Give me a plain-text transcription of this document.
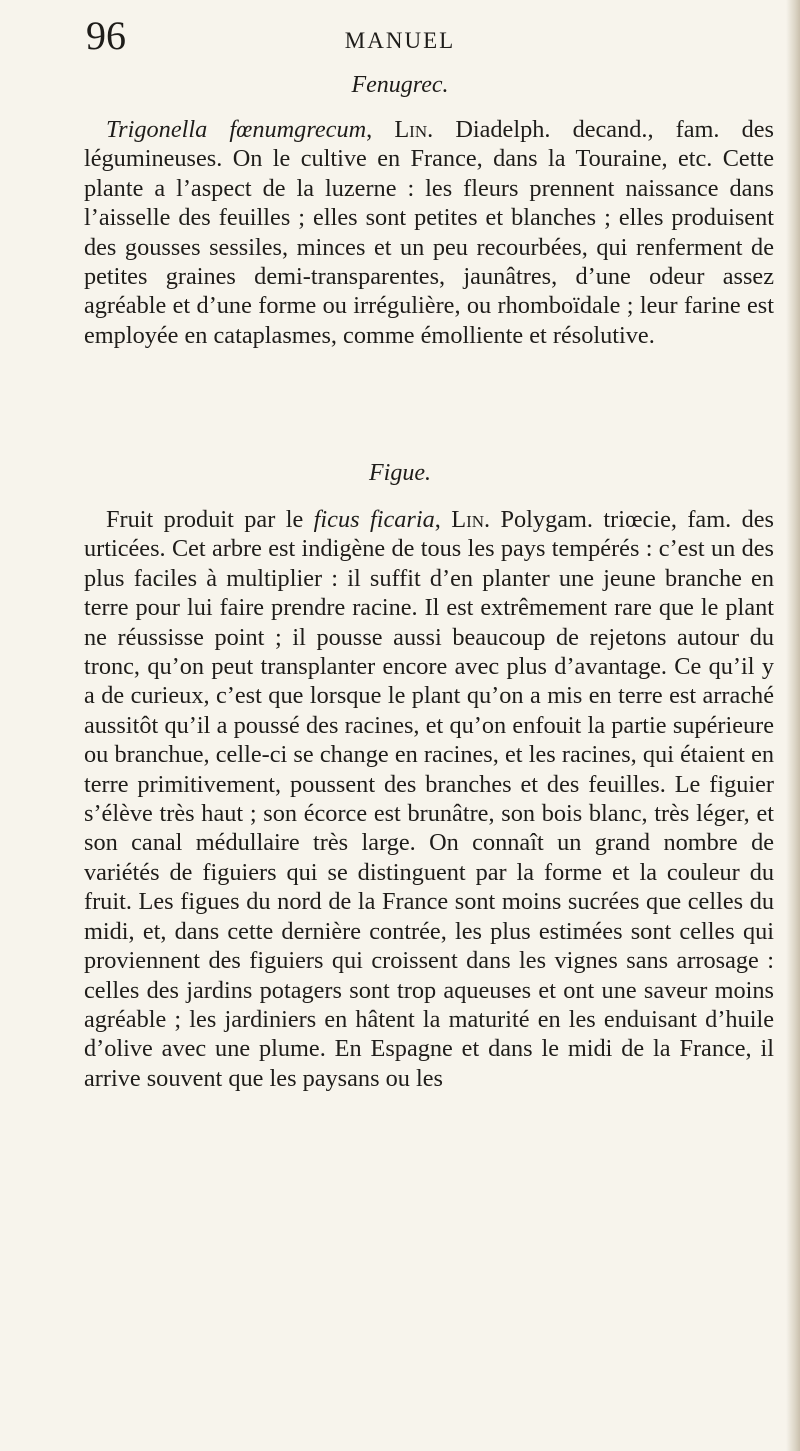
96	MANUEL
Fenugrec.

Trigonella fœnumgrecum, Lin. Diadelph. decand., fam. des légumineuses. On le cultive en France, dans la Touraine, etc. Cette plante a l’aspect de la luzerne : les fleurs prennent naissance dans l’aisselle des feuilles ; elles sont petites et blanches ; elles produisent des gousses sessiles, minces et un peu recourbées, qui renferment de petites graines demi-transparentes, jaunâtres, d’une odeur assez agréable et d’une forme ou irrégulière, ou rhomboïdale ; leur farine est employée en cataplasmes, comme émolliente et résolutive.

Figue.

Fruit produit par le ficus ficaria, Lin. Polygam. triœcie, fam. des urticées. Cet arbre est indigène de tous les pays tempérés : c’est un des plus faciles à multiplier : il suffit d’en planter une jeune branche en terre pour lui faire prendre racine. Il est extrêmement rare que le plant ne réussisse point ; il pousse aussi beaucoup de rejetons autour du tronc, qu’on peut transplanter encore avec plus d’avantage. Ce qu’il y a de curieux, c’est que lorsque le plant qu’on a mis en terre est arraché aussitôt qu’il a poussé des racines, et qu’on enfouit la partie supérieure ou branchue, celle-ci se change en racines, et les racines, qui étaient en terre primitivement, poussent des branches et des feuilles. Le figuier s’élève très haut ; son écorce est brunâtre, son bois blanc, très léger, et son canal médullaire très large. On connaît un grand nombre de variétés de figuiers qui se distinguent par la forme et la couleur du fruit. Les figues du nord de la France sont moins sucrées que celles du midi, et, dans cette dernière contrée, les plus estimées sont celles qui proviennent des figuiers qui croissent dans les vignes sans arrosage : celles des jardins potagers sont trop aqueuses et ont une saveur moins agréable ; les jardiniers en hâtent la maturité en les enduisant d’huile d’olive avec une plume. En Espagne et dans le midi de la France, il arrive souvent que les paysans ou les
